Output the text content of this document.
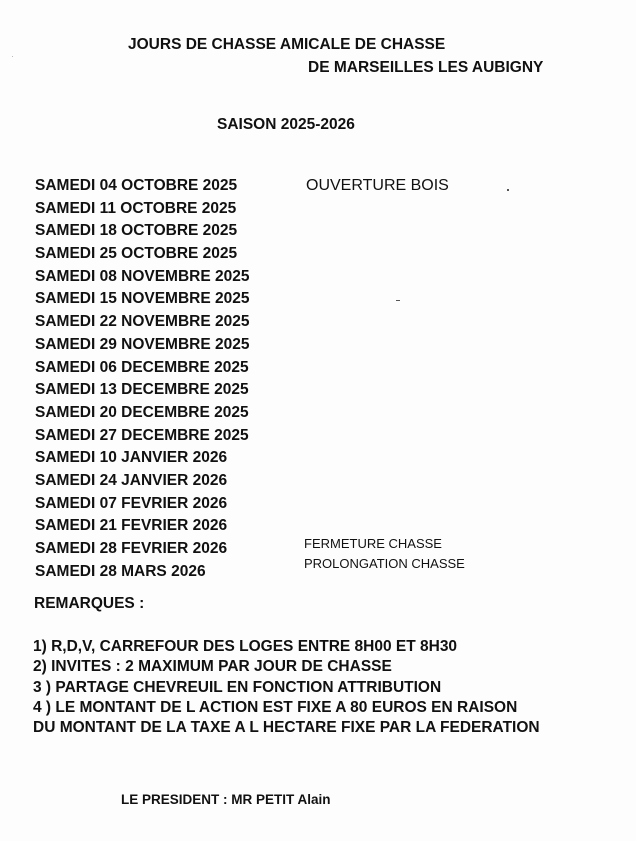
JOURS DE CHASSE AMICALE DE CHASSE
DE MARSEILLES LES AUBIGNY
SAISON 2025-2026
SAMEDI 04 OCTOBRE 2025
SAMEDI 11 OCTOBRE 2025
SAMEDI 18 OCTOBRE 2025
SAMEDI 25 OCTOBRE 2025
SAMEDI 08 NOVEMBRE 2025
SAMEDI 15 NOVEMBRE 2025
SAMEDI 22 NOVEMBRE 2025
SAMEDI 29 NOVEMBRE 2025
SAMEDI 06 DECEMBRE 2025
SAMEDI 13 DECEMBRE 2025
SAMEDI 20 DECEMBRE 2025
SAMEDI 27 DECEMBRE 2025
SAMEDI 10 JANVIER 2026
SAMEDI 24 JANVIER 2026
SAMEDI 07 FEVRIER 2026
SAMEDI 21 FEVRIER 2026
SAMEDI 28 FEVRIER 2026
SAMEDI 28 MARS 2026
OUVERTURE BOIS
FERMETURE CHASSE
PROLONGATION CHASSE
REMARQUES :
1) R,D,V, CARREFOUR DES LOGES ENTRE 8H00 ET 8H30
2) INVITES : 2 MAXIMUM PAR JOUR DE CHASSE
3 ) PARTAGE CHEVREUIL EN FONCTION ATTRIBUTION
4 ) LE MONTANT DE L ACTION EST FIXE A 80 EUROS EN RAISON
DU MONTANT DE LA TAXE A L HECTARE FIXE PAR LA FEDERATION
LE PRESIDENT : MR PETIT Alain
